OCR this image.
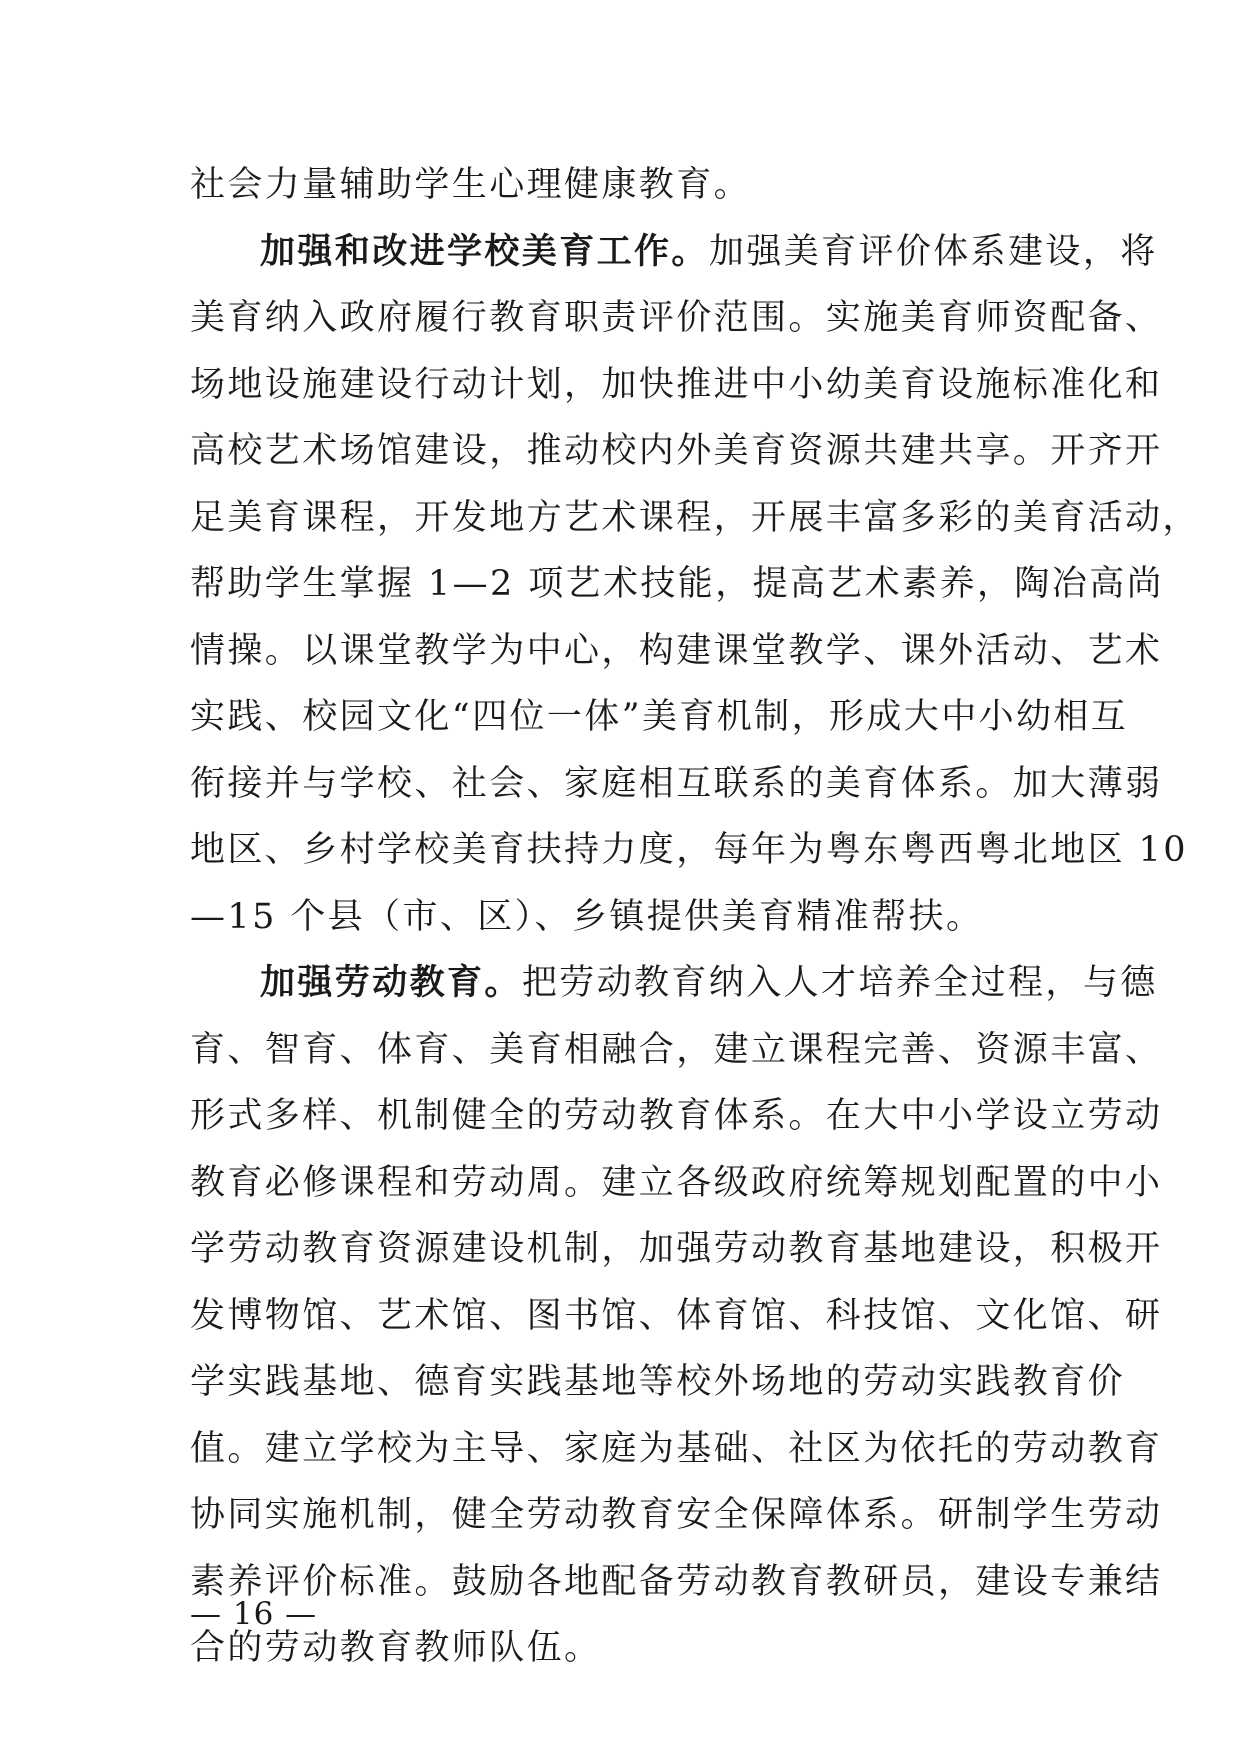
社会力量辅助学生心理健康教育。
加强和改进学校美育工作。加强美育评价体系建设，将
美育纳入政府履行教育职责评价范围。实施美育师资配备、
场地设施建设行动计划，加快推进中小幼美育设施标准化和
高校艺术场馆建设，推动校内外美育资源共建共享。开齐开
足美育课程，开发地方艺术课程，开展丰富多彩的美育活动，
帮助学生掌握 1—2 项艺术技能，提高艺术素养，陶冶高尚
情操。以课堂教学为中心，构建课堂教学、课外活动、艺术
实践、校园文化“四位一体”美育机制，形成大中小幼相互
衔接并与学校、社会、家庭相互联系的美育体系。加大薄弱
地区、乡村学校美育扶持力度，每年为粤东粤西粤北地区 10
—15 个县（市、区）、乡镇提供美育精准帮扶。
加强劳动教育。把劳动教育纳入人才培养全过程，与德
育、智育、体育、美育相融合，建立课程完善、资源丰富、
形式多样、机制健全的劳动教育体系。在大中小学设立劳动
教育必修课程和劳动周。建立各级政府统筹规划配置的中小
学劳动教育资源建设机制，加强劳动教育基地建设，积极开
发博物馆、艺术馆、图书馆、体育馆、科技馆、文化馆、研
学实践基地、德育实践基地等校外场地的劳动实践教育价
值。建立学校为主导、家庭为基础、社区为依托的劳动教育
协同实施机制，健全劳动教育安全保障体系。研制学生劳动
素养评价标准。鼓励各地配备劳动教育教研员，建设专兼结
合的劳动教育教师队伍。
— 16 —
